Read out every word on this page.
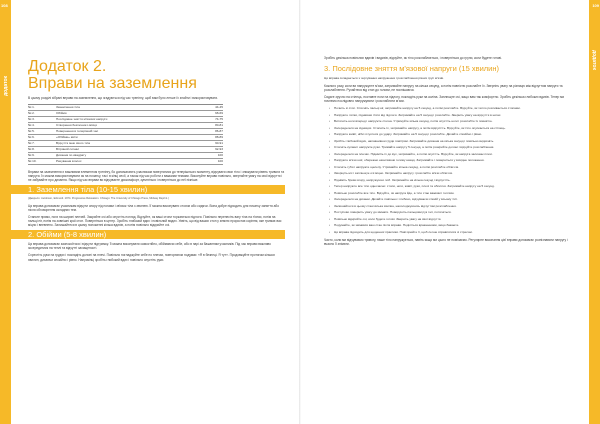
108
додаток
109
додаток
Додаток 2.
Вправи на заземлення

В цьому розділі зібрані вправи на заземлення, що згадуються під час тренінгу, щоб вам було легше їх знайти і використовувати.

№ 1.	Заземлення тіла	44-45
№ 2.	Обійми	68-69
№ 3.	Послідовне зняття м'язової напруги	74-75
№ 4.	Створення безпечного місця	80-81
№ 5.	Повернення в теперішній час	86-87
№ 6.	«Обійми» квіти	88-89
№ 7.	Відчуття меж свого тіла	90-91
№ 8.	Вітряний сигнал	92-93
№ 9.	Дихання по квадрату	100
№ 10.	Рахування вголос	100

Вправи на заземлення є важливим елементом тренінгу, бо допомагають учасникам повертатися до теперішнього моменту, відчувати своє тіло і знижувати рівень тривоги та напруги. Їх можна використовувати як на початку, так і в кінці сесії, а також під час роботи з важкими темами. Виконуйте вправи повільно, звертайте увагу на свої відчуття і не забувайте про дихання. Якщо під час вправи ви відчуваєте дискомфорт, зупиніться і поверніться до неї пізніше.

1. Заземлення тіла (10-15 хвилин)

(Джерело: Jacobson, Edmund. 1974. Progressive Relaxation. Chicago: The University of Chicago Press, Midway Reprint.)

Ця вправа допомагає учасникам відчути опору під ногами і зв'язок тіла з землею. Її можна виконувати стоячи або сидячи. Вона добре підходить для початку заняття або після обговорення складних тем.

Станьте прямо, ноги на ширині плечей. Закрийте очі або опустіть погляд. Відчуйте, як ваші стопи торкаються підлоги. Повільно перенесіть вагу тіла на п'ятки, потім на пальці ніг, потім на зовнішні краї стоп. Поверніться в центр. Зробіть глибокий вдих і повільний видих. Уявіть, що від ваших стоп у землю проростає коріння, яке тримає вас міцно і впевнено. Залишайтеся в цьому положенні кілька вдихів, а потім повільно відкрийте очі.

2. Обійми (5-8 хвилин)

Ця вправа допомагає заспокоїтися і відчути підтримку. Її можна виконувати самостійно, обіймаючи себе, або в парі за бажанням учасників. Під час вправи важливо зосередитися на теплі та відчутті захищеності.

Схрестіть руки на грудях і покладіть долоні на плечі. Повільно погладжуйте себе по плечах, повторюючи подумки: «Я в безпеці. Я тут». Продовжуйте протягом кількох хвилин, дихаючи спокійно і рівно. Наприкінці зробіть глибокий вдих і повільно опустіть руки.

Зробіть декілька повільних вдихів і видихів, відчуйте, як тіло розслабляється, і поверніться до групи, коли будете готові.

3. Послідовне зняття м'язової напруги (15 хвилин)

Ця вправа складається з чергування напруження і розслаблення різних груп м'язів.

Кожного разу, коли ви напружуєте м'язи, затримайте напругу на кілька секунд, а потім повністю розслабте їх. Зверніть увагу на різницю між відчуттям напруги та розслаблення. Рухайтеся від стоп до голови, не поспішаючи.

Сядьте зручно на стілець, поставте ноги на підлогу, покладіть руки на коліна. Заплющте очі, якщо вам так комфортно. Зробіть декілька глибоких вдихів. Тепер ми почнемо послідовно напружувати і розслабляти м'язи.

• Почніть зі стоп. Стисніть пальці ніг, затримайте напругу на 5 секунд, а потім розслабте. Відчуйте, як тепло розливається стопами.
• Напружте литки, піднявши п'яти від підлоги. Затримайте на 5 секунд і розслабте. Зверніть увагу на відчуття в ногах.
• Витягніть ноги вперед і напружте стегна. Утримуйте кілька секунд, потім опустіть ноги і розслабте їх повністю.
• Зосередьтеся на сідницях. Стисніть їх, затримайте напругу, а потім відпустіть. Відчуйте, як тіло опускається на стілець.
• Напружте живіт, ніби готуєтеся до удару. Затримайте на 5 секунд і розслабте. Дихайте спокійно і рівно.
• Зробіть глибокий вдих, наповнивши груди повітрям. Затримайте дихання на кілька секунд і повільно видихніть.
• Стисніть кулаки і напружте руки. Тримайте напругу 5 секунд, а потім розкрийте долоні і відчуйте розслаблення.
• Зосередьтеся на плечах. Підніміть їх до вух, затримайте, а потім опустіть. Відчуйте, як напруга залишає плечі.
• Напружте м'язи шиї, обережно нахиливши голову назад. Затримайте і поверніться у вихідне положення.
• Стисніть губи і напружте щелепу. Утримайте кілька секунд, а потім розслабте обличчя.
• Зморщіть ніс і заплющте очі міцно. Затримайте напругу і розслабте м'язи обличчя.
• Підніміть брови вгору, напружуючи лоб. Затримайте на кілька секунд і відпустіть.
• Тепер напружте все тіло одночасно: стопи, ноги, живіт, руки, плечі та обличчя. Затримайте напругу на 5 секунд.
• Повільно розслабте все тіло. Відчуйте, як напруга йде, а тіло стає важким і теплим.
• Зосередьтеся на диханні. Дихайте повільно і глибоко, відчуваючи спокій у всьому тілі.
• Залишайтеся в цьому стані кілька хвилин, насолоджуючись відчуттям розслаблення.
• Поступово поверніть увагу до кімнати. Поворушіть пальцями рук і ніг, потягніться.
• Повільно відкрийте очі, коли будете готові. Зверніть увагу на свої відчуття.
• Подумайте, як змінився ваш стан після вправи. Поділіться враженнями, якщо бажаєте.
• Ця вправа підходить для щоденної практики. Повторюйте її, щоб легше справлятися зі стресом.

Часто, коли ми відчуваємо тривогу, наше тіло напружується, навіть якщо ми цього не помічаємо. Регулярне виконання цієї вправи допомагає розпізнавати напругу і вчасно її знімати.
